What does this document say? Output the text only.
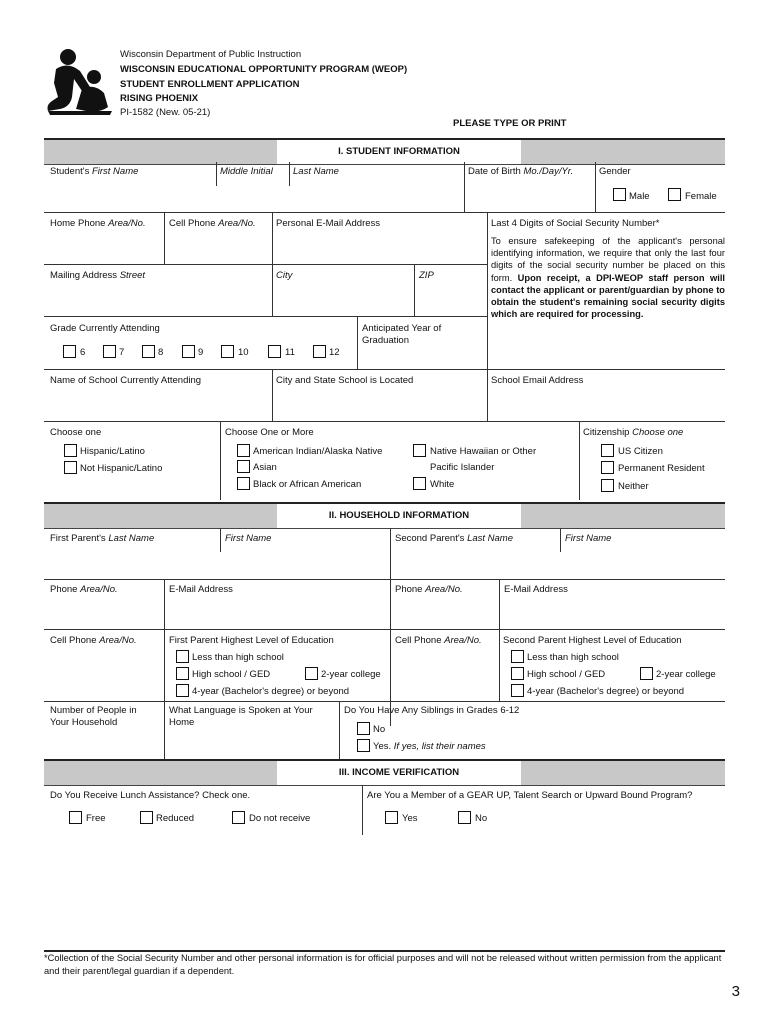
Wisconsin Department of Public Instruction
WISCONSIN EDUCATIONAL OPPORTUNITY PROGRAM (WEOP)
STUDENT ENROLLMENT APPLICATION
RISING PHOENIX
PI-1582 (New. 05-21)
PLEASE TYPE OR PRINT
I. STUDENT INFORMATION
Student's First Name	Middle Initial Last Name	Date of Birth Mo./Day/Yr.	Gender
Male	Female
Home Phone Area/No. Cell Phone Area/No. Personal E-Mail Address	Last 4 Digits of Social Security Number*
To ensure safekeeping of the applicant's personal identifying information, we require that only the last four digits of the social security number be placed on this form. Upon receipt, a DPI-WEOP staff person will contact the applicant or parent/guardian by phone to obtain the student's remaining social security digits which are required for processing.
Mailing Address Street	City	ZIP
Grade Currently Attending
6	7	8	9	10	11	12
Anticipated Year of Graduation
Name of School Currently Attending	City and State School is Located	School Email Address
Choose one
Hispanic/Latino
Not Hispanic/Latino
Choose One or More
American Indian/Alaska Native
Asian
Black or African American
Native Hawaiian or Other
Pacific Islander
White
Citizenship Choose one
US Citizen
Permanent Resident
Neither
II. HOUSEHOLD INFORMATION
First Parent's Last Name	First Name	Second Parent's Last Name	First Name
Phone Area/No.	E-Mail Address	Phone Area/No.	E-Mail Address
Cell Phone Area/No.	First Parent Highest Level of Education
Less than high school
High school / GED	2-year college
4-year (Bachelor's degree) or beyond
Cell Phone Area/No. Second Parent Highest Level of Education
Less than high school
High school / GED	2-year college
4-year (Bachelor's degree) or beyond
Number of People in
Your Household
What Language is Spoken at Your
Home
Do You Have Any Siblings in Grades 6-12
No
Yes. If yes, list their names
III. INCOME VERIFICATION
Do You Receive Lunch Assistance? Check one.
Free	Reduced	Do not receive
Are You a Member of a GEAR UP, Talent Search or Upward Bound Program?
Yes	No
*Collection of the Social Security Number and other personal information is for official purposes and will not be released without written permission from the applicant and their parent/legal guardian if a dependent.
3
